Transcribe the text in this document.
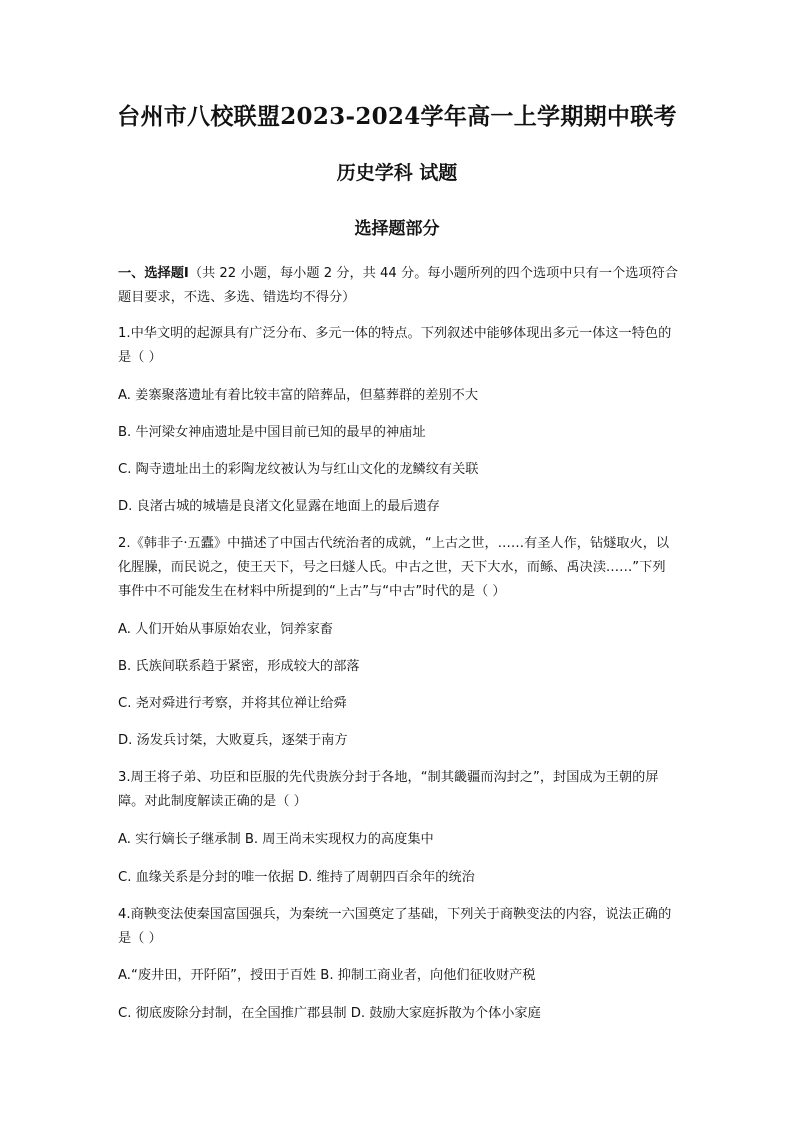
台州市八校联盟2023-2024学年高一上学期期中联考
历史学科 试题
选择题部分

一、选择题Ⅰ（共 22 小题，每小题 2 分，共 44 分。每小题所列的四个选项中只有一个选项符合 题目要求，不选、多选、错选均不得分）

1.中华文明的起源具有广泛分布、多元一体的特点。下列叙述中能够体现出多元一体这一特色的 是（ ）

A. 姜寨聚落遗址有着比较丰富的陪葬品，但墓葬群的差别不大
B. 牛河梁女神庙遗址是中国目前已知的最早的神庙址
C. 陶寺遗址出土的彩陶龙纹被认为与红山文化的龙鳞纹有关联
D. 良渚古城的城墙是良渚文化显露在地面上的最后遗存

2.《韩非子·五蠹》中描述了中国古代统治者的成就，“上古之世，……有圣人作，钻燧取火，以化腥臊，而民说之，使王天下，号之曰燧人氏。中古之世，天下大水，而鲧、禹决渎……”下列事件中不可能发生在材料中所提到的“上古”与“中古”时代的是（ ）

A. 人们开始从事原始农业，饲养家畜
B. 氏族间联系趋于紧密，形成较大的部落
C. 尧对舜进行考察，并将其位禅让给舜
D. 汤发兵讨桀，大败夏兵，逐桀于南方

3.周王将子弟、功臣和臣服的先代贵族分封于各地，“制其畿疆而沟封之”，封国成为王朝的屏 障。对此制度解读正确的是（ ）

A. 实行嫡长子继承制 B. 周王尚未实现权力的高度集中
C. 血缘关系是分封的唯一依据 D. 维持了周朝四百余年的统治

4.商鞅变法使秦国富国强兵，为秦统一六国奠定了基础，下列关于商鞅变法的内容，说法正确的 是（ ）

A.“废井田，开阡陌”，授田于百姓 B. 抑制工商业者，向他们征收财产税
C. 彻底废除分封制，在全国推广郡县制 D. 鼓励大家庭拆散为个体小家庭
